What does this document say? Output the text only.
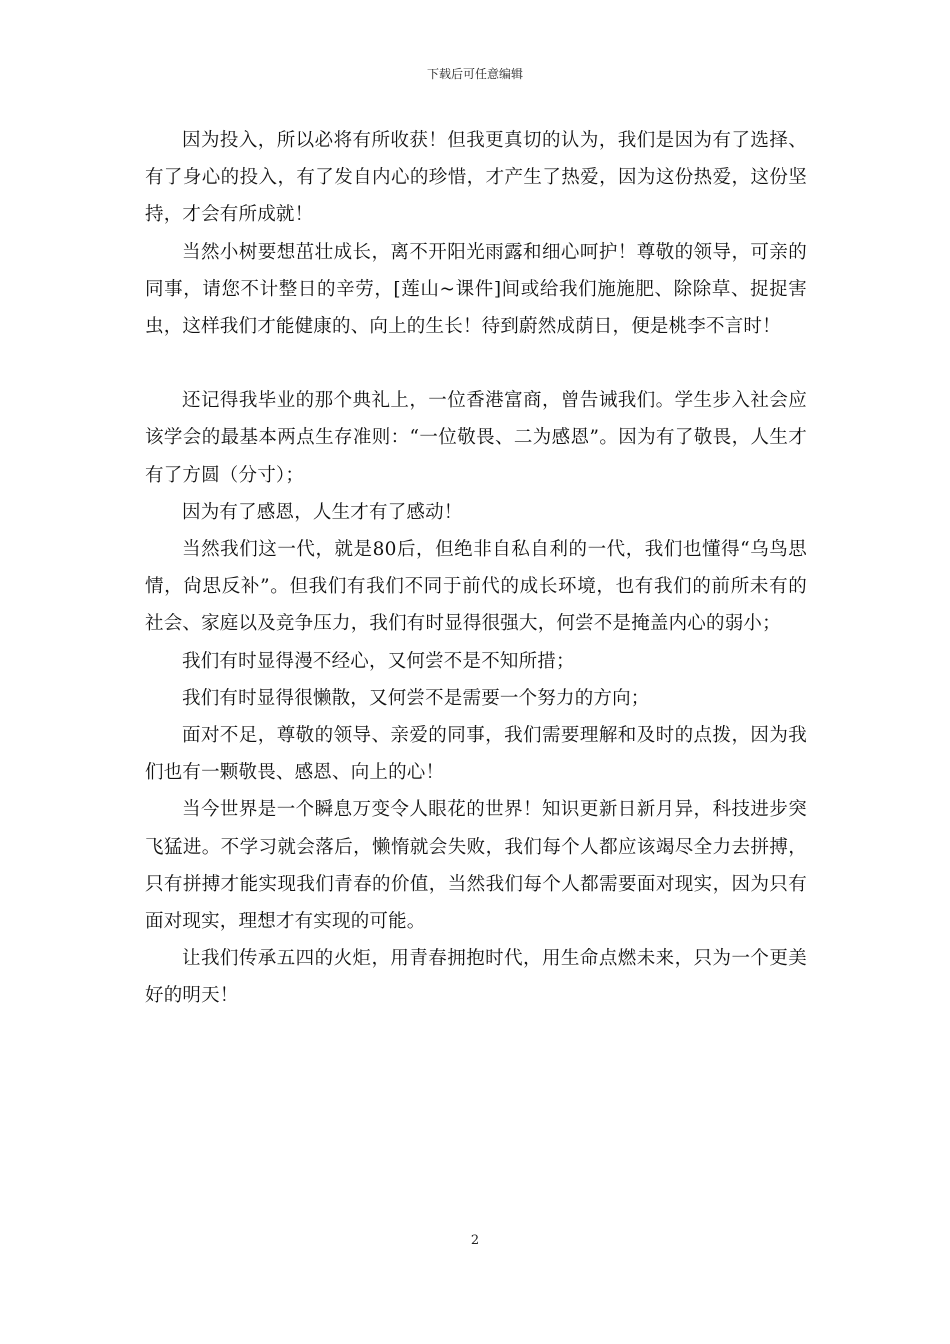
下载后可任意编辑

因为投入，所以必将有所收获！但我更真切的认为，我们是因为有了选择、有了身心的投入，有了发自内心的珍惜，才产生了热爱，因为这份热爱，这份坚持，才会有所成就！

当然小树要想茁壮成长，离不开阳光雨露和细心呵护！尊敬的领导，可亲的同事，请您不计整日的辛劳，[莲山~课件]间或给我们施施肥、除除草、捉捉害虫，这样我们才能健康的、向上的生长！待到蔚然成荫日，便是桃李不言时！

还记得我毕业的那个典礼上，一位香港富商，曾告诫我们。学生步入社会应该学会的最基本两点生存准则：“一位敬畏、二为感恩”。因为有了敬畏，人生才有了方圆（分寸）；

因为有了感恩，人生才有了感动！

当然我们这一代，就是80后，但绝非自私自利的一代，我们也懂得“乌鸟思情，尙思反补”。但我们有我们不同于前代的成长环境，也有我们的前所未有的社会、家庭以及竞争压力，我们有时显得很强大，何尝不是掩盖内心的弱小；

我们有时显得漫不经心，又何尝不是不知所措；

我们有时显得很懒散，又何尝不是需要一个努力的方向；

面对不足，尊敬的领导、亲爱的同事，我们需要理解和及时的点拨，因为我们也有一颗敬畏、感恩、向上的心！

当今世界是一个瞬息万变令人眼花的世界！知识更新日新月异，科技进步突飞猛进。不学习就会落后，懒惰就会失败，我们每个人都应该竭尽全力去拼搏，只有拼搏才能实现我们青春的价值，当然我们每个人都需要面对现实，因为只有面对现实，理想才有实现的可能。

让我们传承五四的火炬，用青春拥抱时代，用生命点燃未来，只为一个更美好的明天！

2
